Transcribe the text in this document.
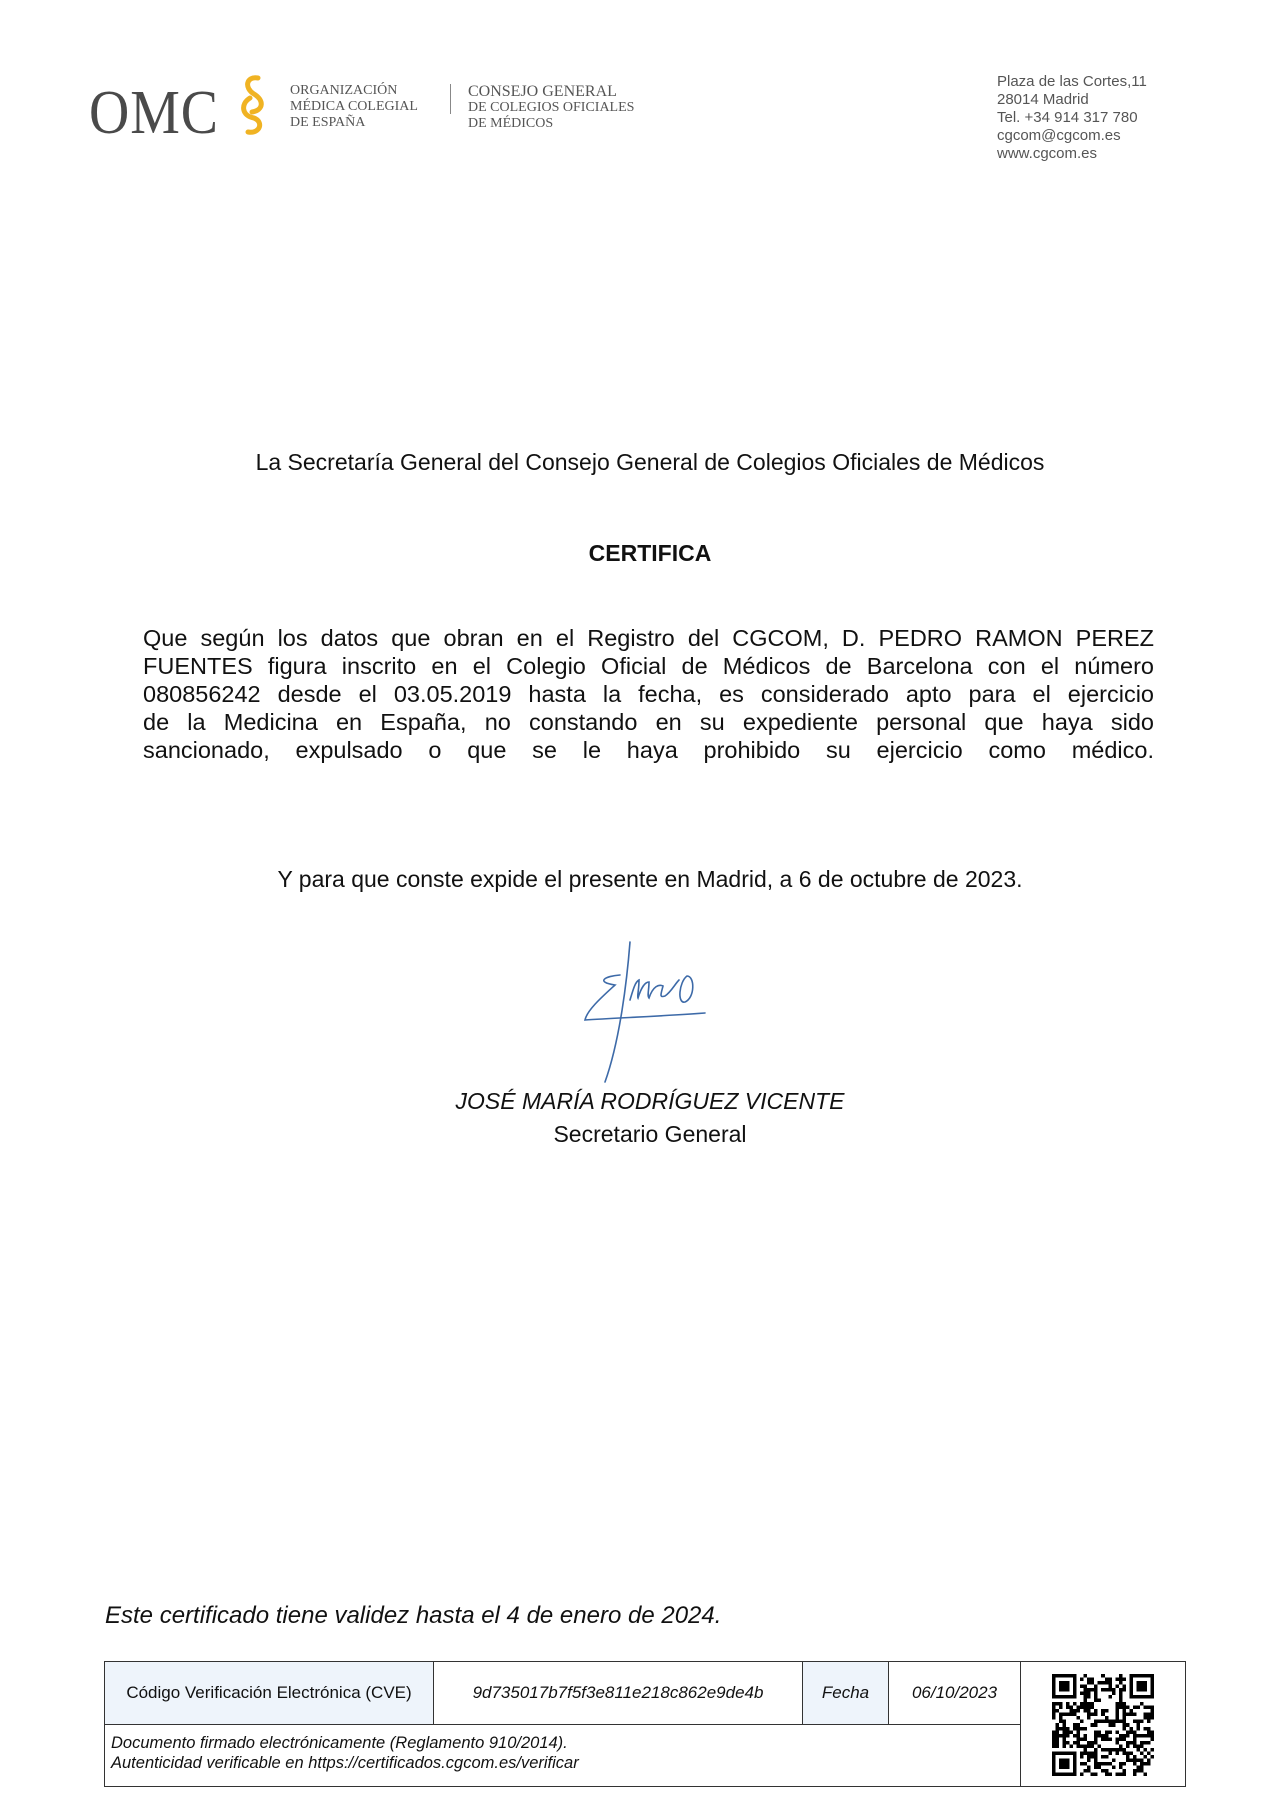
OMC	ORGANIZACIÓN
MÉDICA COLEGIAL
DE ESPAÑA
CONSEJO GENERAL
DE COLEGIOS OFICIALES
DE MÉDICOS
Plaza de las Cortes,11
28014 Madrid
Tel. +34 914 317 780
cgcom@cgcom.es
www.cgcom.es
La Secretaría General del Consejo General de Colegios Oficiales de Médicos
CERTIFICA
Que según los datos que obran en el Registro del CGCOM, D. PEDRO RAMON PEREZ
FUENTES figura inscrito en el Colegio Oficial de Médicos de Barcelona con el número
080856242 desde el 03.05.2019 hasta la fecha, es considerado apto para el ejercicio
de la Medicina en España, no constando en su expediente personal que haya sido
sancionado, expulsado o que se le haya prohibido su ejercicio como médico.
Y para que conste expide el presente en Madrid, a 6 de octubre de 2023.
JOSÉ MARÍA RODRÍGUEZ VICENTE
Secretario General
Este certificado tiene validez hasta el 4 de enero de 2024.
Código Verificación Electrónica (CVE)	9d735017b7f5f3e811e218c862e9de4b	Fecha	06/10/2023
Documento firmado electrónicamente (Reglamento 910/2014).
Autenticidad verificable en https://certificados.cgcom.es/verificar
